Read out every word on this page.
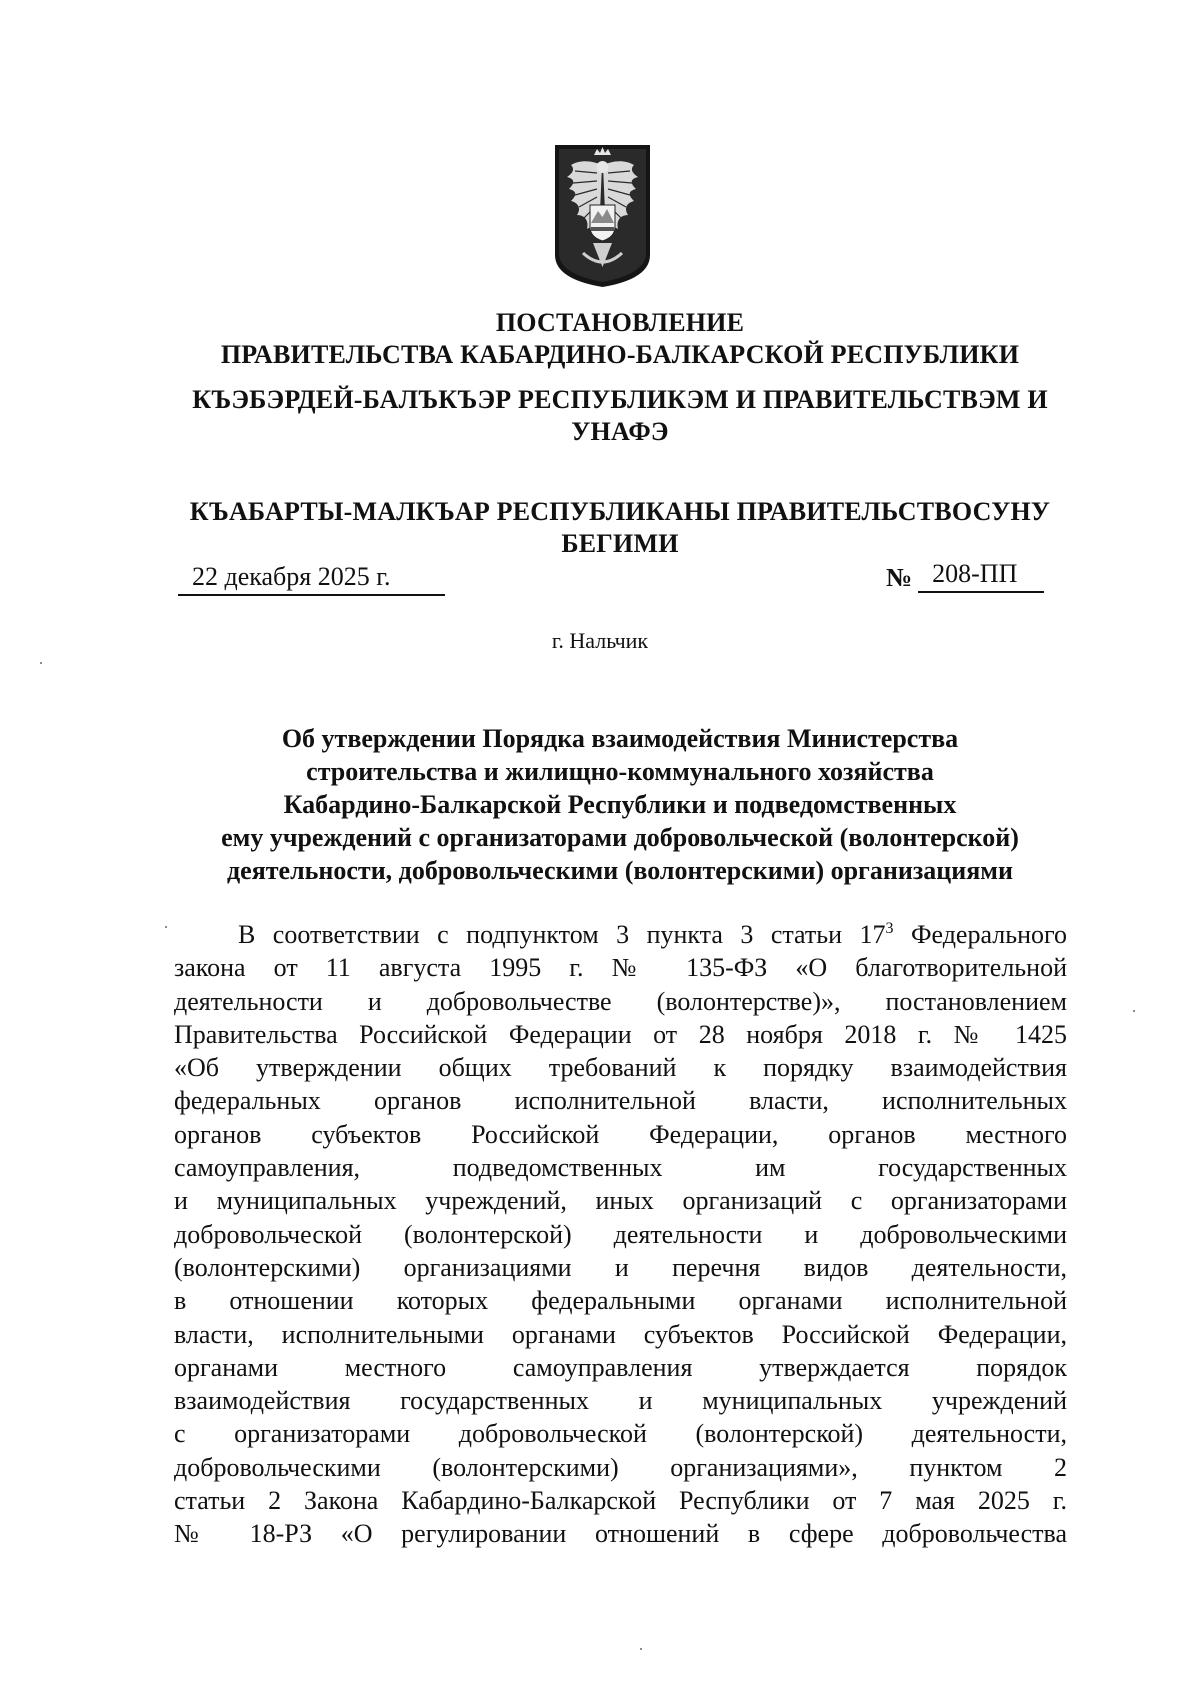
ПОСТАНОВЛЕНИЕ
ПРАВИТЕЛЬСТВА КАБАРДИНО-БАЛКАРСКОЙ РЕСПУБЛИКИ
КЪЭБЭРДЕЙ-БАЛЪКЪЭР РЕСПУБЛИКЭМ И ПРАВИТЕЛЬСТВЭМ И
УНАФЭ
КЪАБАРТЫ-МАЛКЪАР РЕСПУБЛИКАНЫ ПРАВИТЕЛЬСТВОСУНУ
БЕГИМИ
22 декабря 2025 г.	№ 208-ПП
г. Нальчик
Об утверждении Порядка взаимодействия Министерства
строительства и жилищно-коммунального хозяйства
Кабардино-Балкарской Республики и подведомственных
ему учреждений с организаторами добровольческой (волонтерской)
деятельности, добровольческими (волонтерскими) организациями
В соответствии с подпунктом 3 пункта 3 статьи $17^3$ Федерального
закона от 11 августа 1995 г. № 135-ФЗ «О благотворительной
деятельности и добровольчестве (волонтерстве)», постановлением
Правительства Российской Федерации от 28 ноября 2018 г. № 1425
«Об утверждении общих требований к порядку взаимодействия
федеральных органов исполнительной власти, исполнительных
органов субъектов Российской Федерации, органов местного
самоуправления, подведомственных им государственных
и муниципальных учреждений, иных организаций с организаторами
добровольческой (волонтерской) деятельности и добровольческими
(волонтерскими) организациями и перечня видов деятельности,
в отношении которых федеральными органами исполнительной
власти, исполнительными органами субъектов Российской Федерации,
органами местного самоуправления утверждается порядок
взаимодействия государственных и муниципальных учреждений
с организаторами добровольческой (волонтерской) деятельности,
добровольческими (волонтерскими) организациями», пунктом 2
статьи 2 Закона Кабардино-Балкарской Республики от 7 мая 2025 г.
№ 18-РЗ «О регулировании отношений в сфере добровольчества
